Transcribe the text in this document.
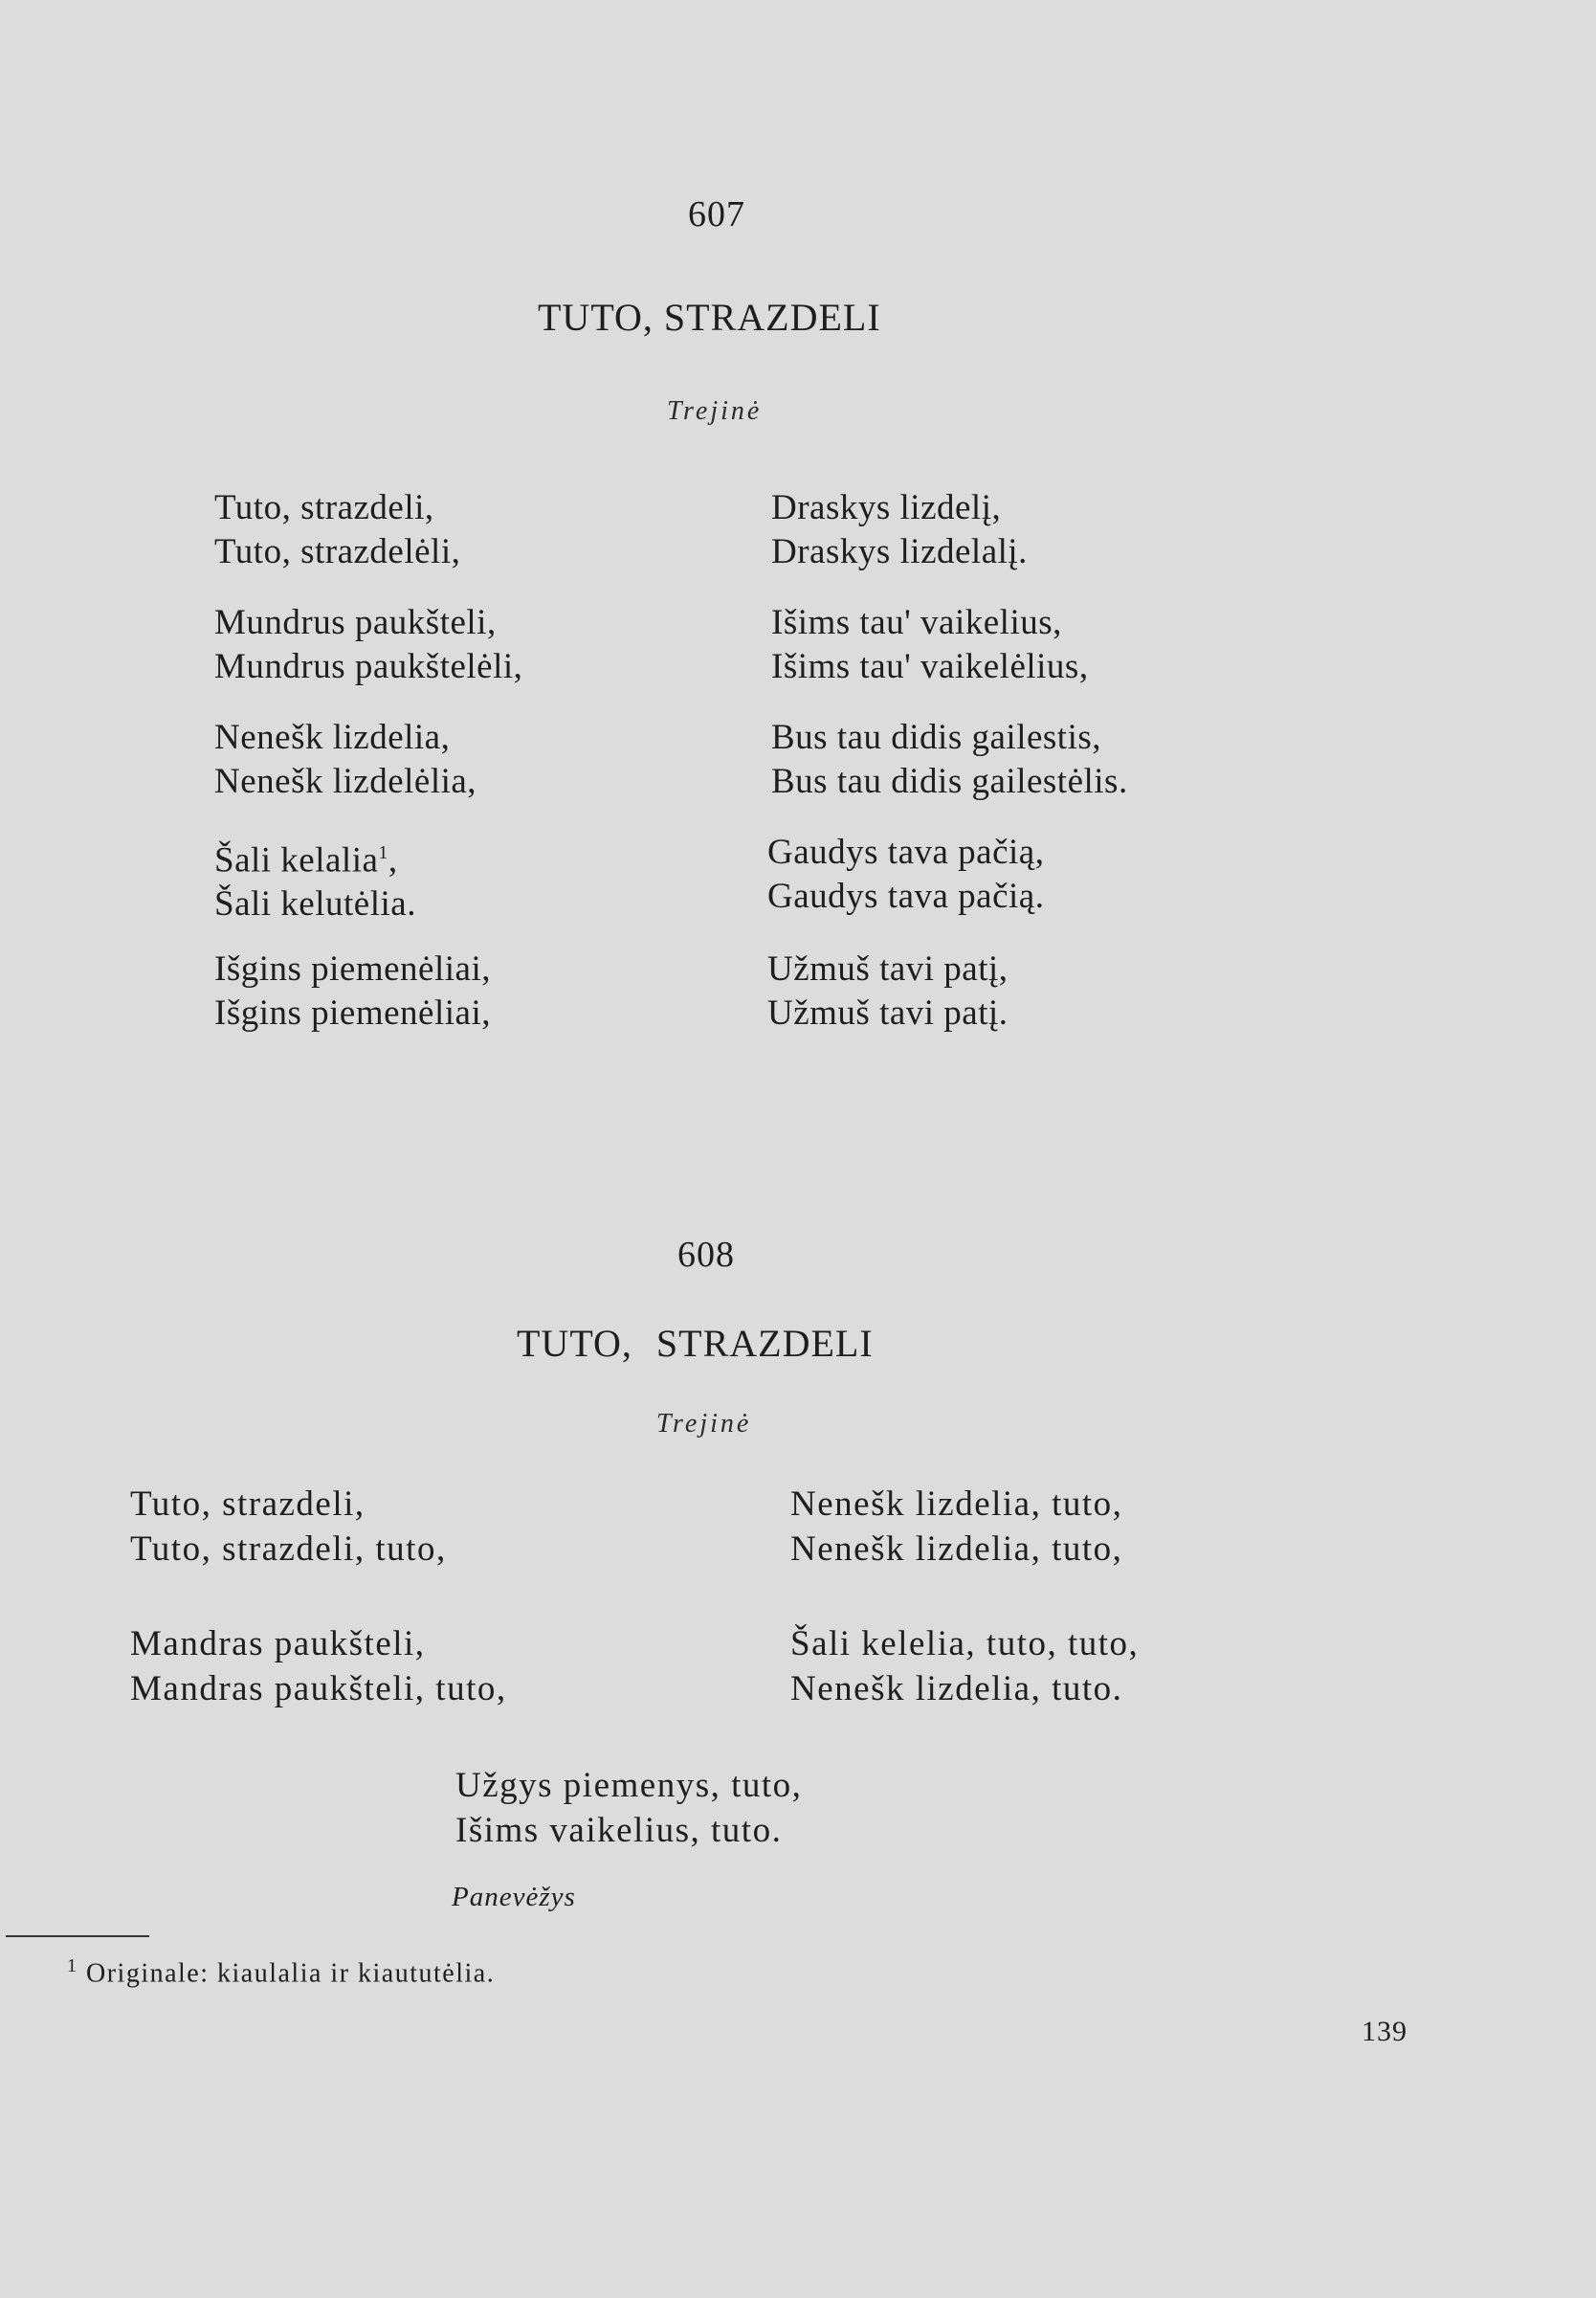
607
TUTO, STRAZDELI
Trejinė
Tuto, strazdeli,
Tuto, strazdelėli,
Mundrus paukšteli,
Mundrus paukštelėli,
Nenešk lizdelia,
Nenešk lizdelėlia,
Šali kelalia$^1$,
Šali kelutėlia.
Išgins piemenėliai,
Išgins piemenėliai,
Draskys lizdelį,
Draskys lizdelalį.
Išims tau' vaikelius,
Išims tau' vaikelėlius,
Bus tau didis gailestis,
Bus tau didis gailestėlis.
Gaudys tava pačią,
Gaudys tava pačią.
Užmuš tavi patį,
Užmuš tavi patį.
608
TUTO, STRAZDELI
Trejinė
Tuto, strazdeli,
Tuto, strazdeli, tuto,
Mandras paukšteli,
Mandras paukšteli, tuto,
Nenešk lizdelia, tuto,
Nenešk lizdelia, tuto,
Šali kelelia, tuto, tuto,
Nenešk lizdelia, tuto.
Užgys piemenys, tuto,
Išims vaikelius, tuto.
Panevėžys
$^1$ Originale: kiaulalia ir kiaututėlia.
139
